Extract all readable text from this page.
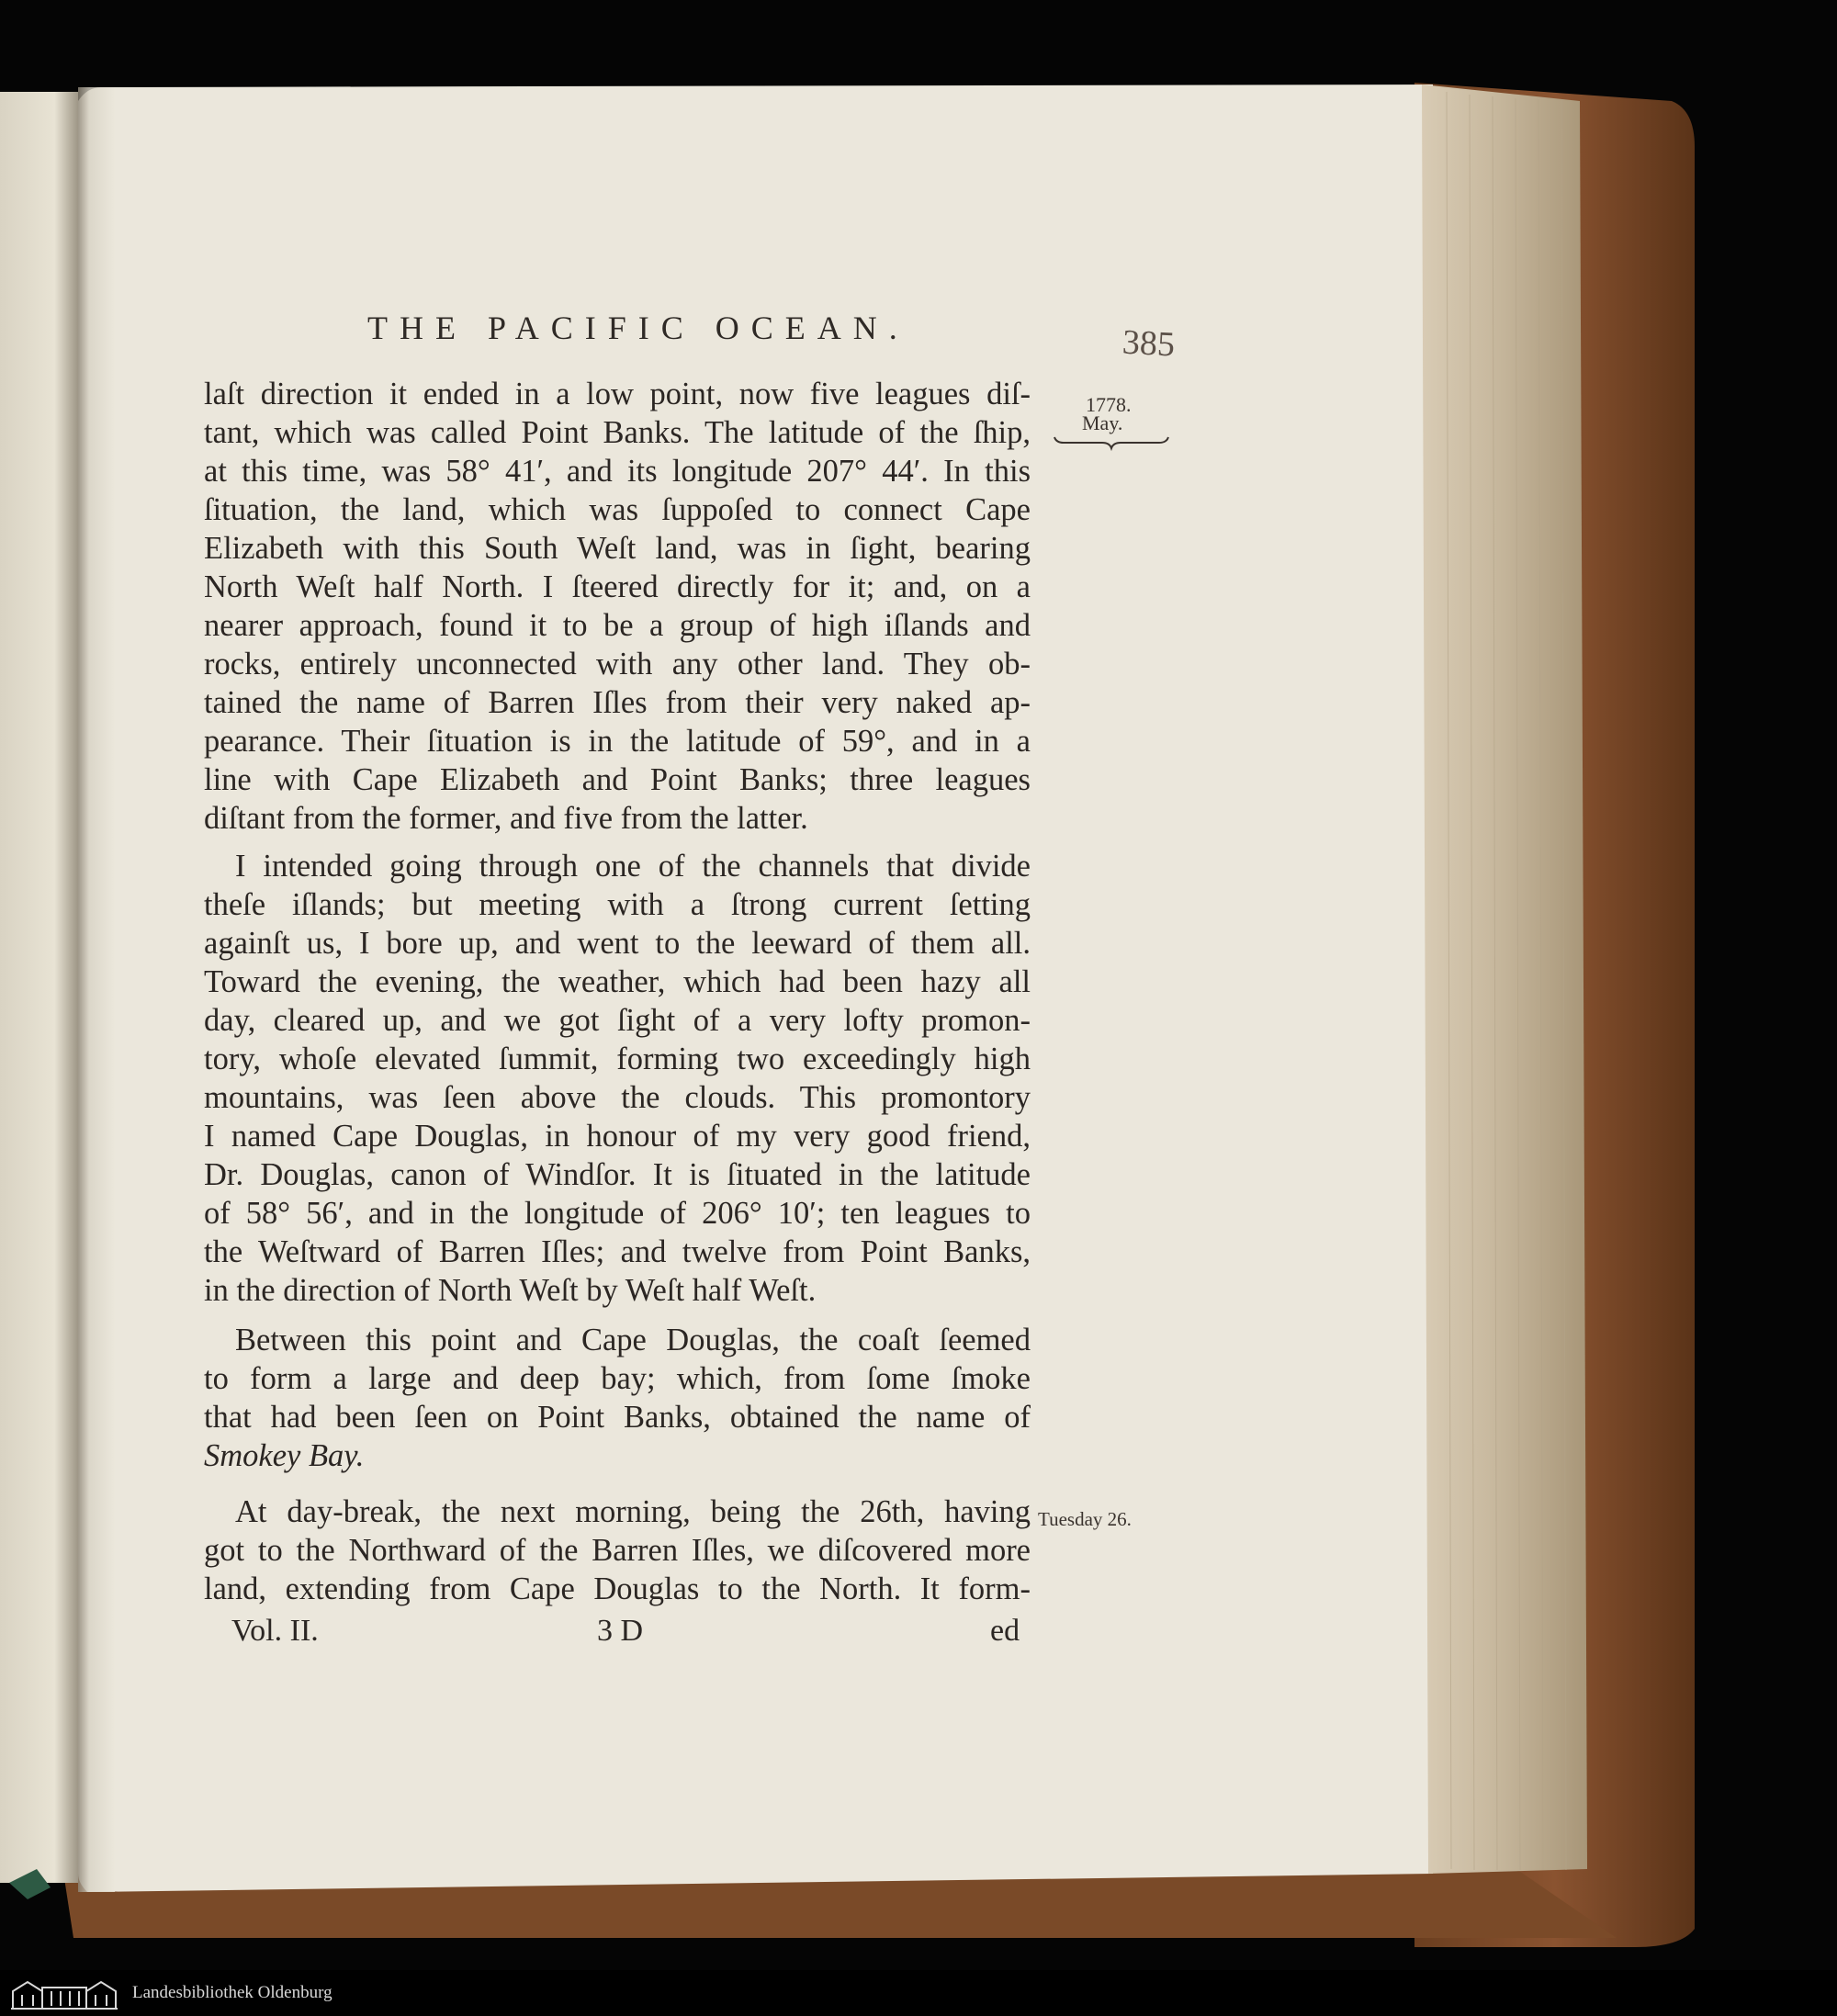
THE PACIFIC OCEAN.	385
1778.
May.
Tuesday 26.
laſt direction it ended in a low point, now five leagues diſ-
tant, which was called Point Banks. The latitude of the ſhip,
at this time, was 58° 41′, and its longitude 207° 44′. In this
ſituation, the land, which was ſuppoſed to connect Cape
Elizabeth with this South Weſt land, was in ſight, bearing
North Weſt half North. I ſteered directly for it; and, on a
nearer approach, found it to be a group of high iſlands and
rocks, entirely unconnected with any other land. They ob-
tained the name of Barren Iſles from their very naked ap-
pearance. Their ſituation is in the latitude of 59°, and in a
line with Cape Elizabeth and Point Banks; three leagues
diſtant from the former, and five from the latter.
I intended going through one of the channels that divide
theſe iſlands; but meeting with a ſtrong current ſetting
againſt us, I bore up, and went to the leeward of them all.
Toward the evening, the weather, which had been hazy all
day, cleared up, and we got ſight of a very lofty promon-
tory, whoſe elevated ſummit, forming two exceedingly high
mountains, was ſeen above the clouds. This promontory
I named Cape Douglas, in honour of my very good friend,
Dr. Douglas, canon of Windſor. It is ſituated in the latitude
of 58° 56′, and in the longitude of 206° 10′; ten leagues to
the Weſtward of Barren Iſles; and twelve from Point Banks,
in the direction of North Weſt by Weſt half Weſt.
Between this point and Cape Douglas, the coaſt ſeemed
to form a large and deep bay; which, from ſome ſmoke
that had been ſeen on Point Banks, obtained the name of
Smokey Bay.
At day-break, the next morning, being the 26th, having
got to the Northward of the Barren Iſles, we diſcovered more
land, extending from Cape Douglas to the North. It form-
Vol. II.	3 D	ed
Landesbibliothek Oldenburg
